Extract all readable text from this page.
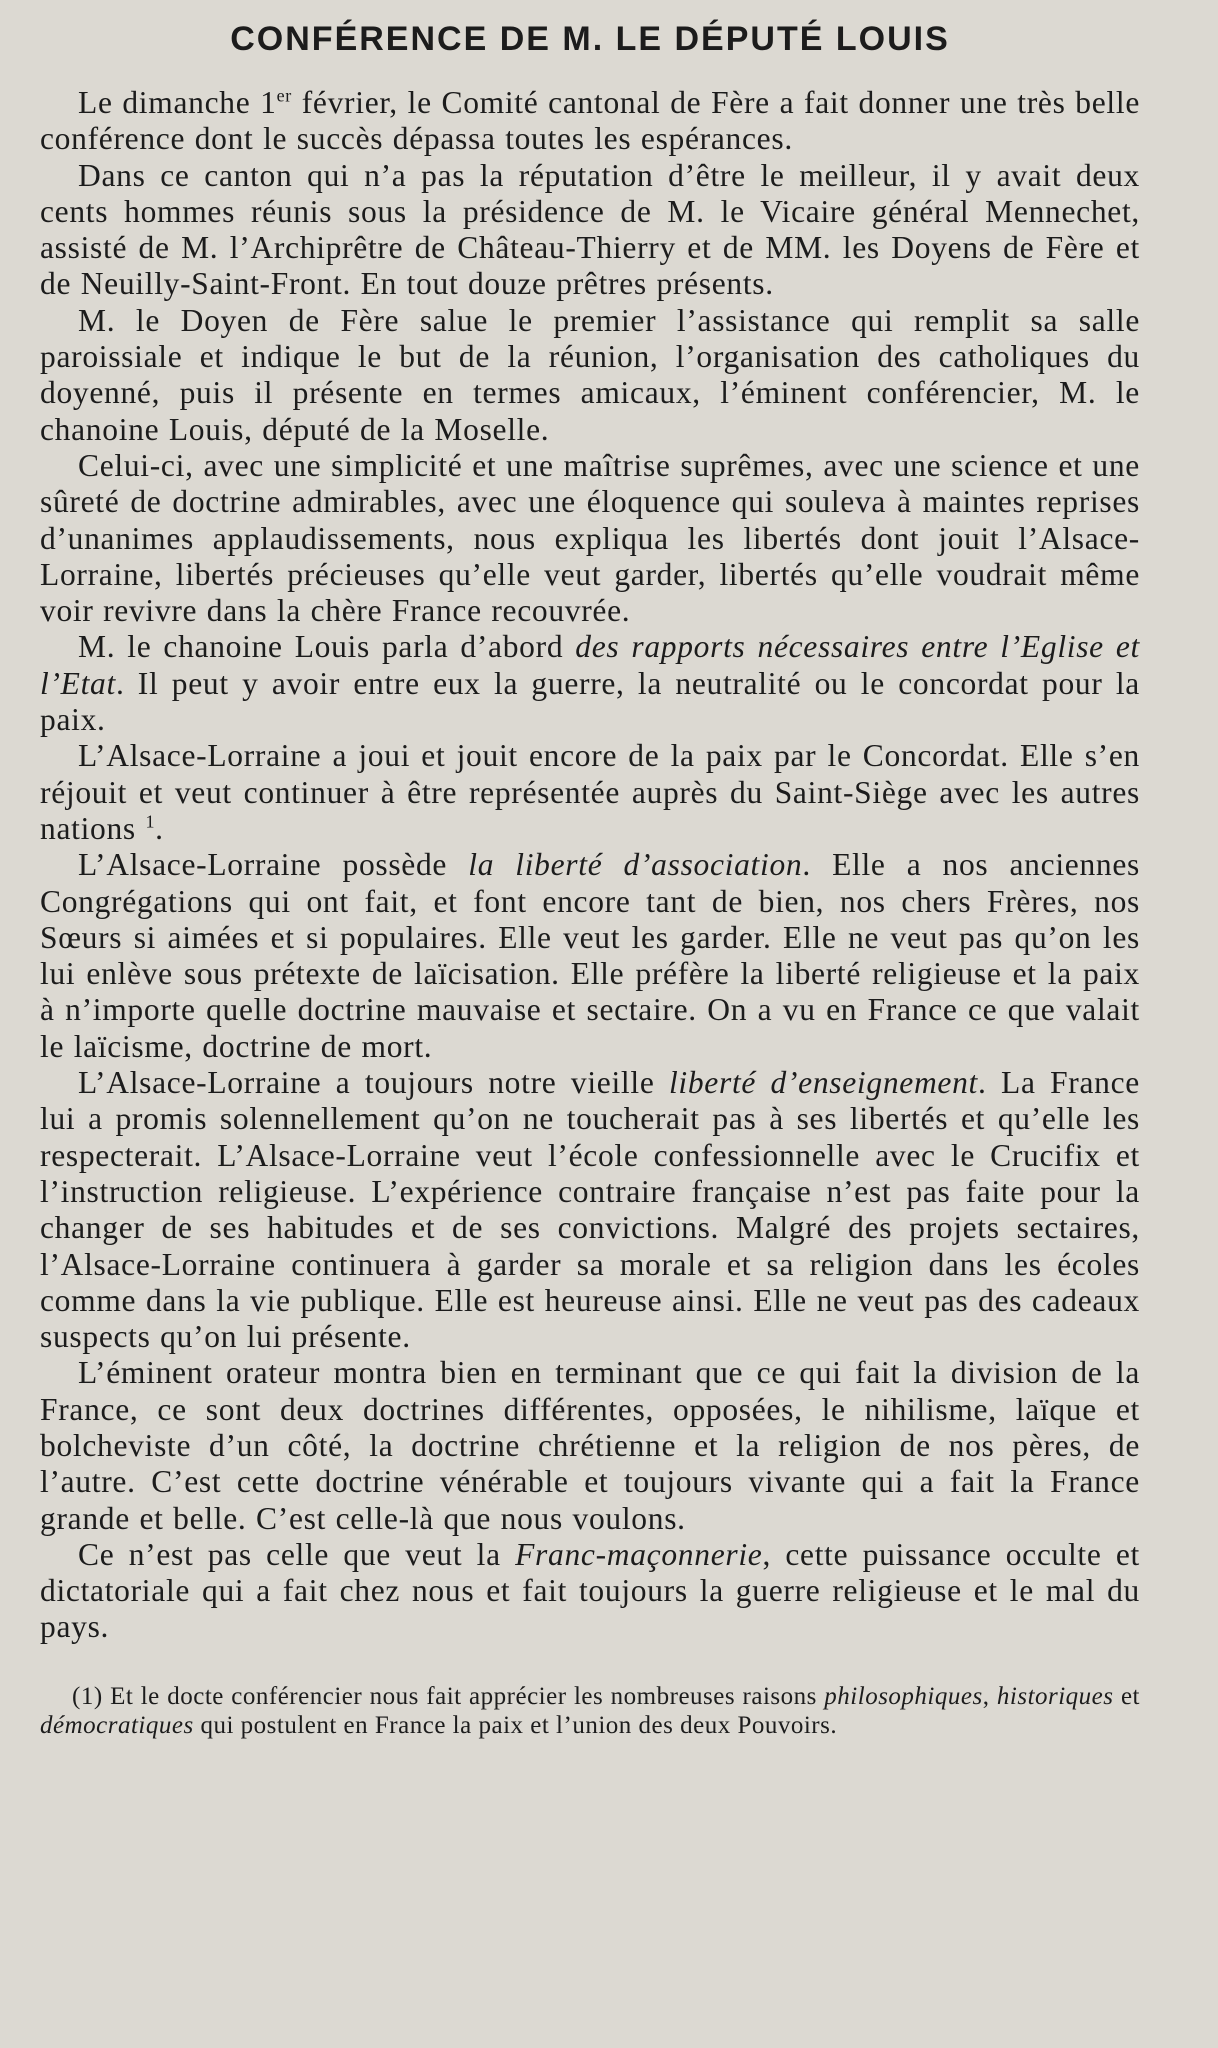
CONFÉRENCE DE M. LE DÉPUTÉ LOUIS

Le dimanche 1er février, le Comité cantonal de Fère a fait donner une très belle conférence dont le succès dépassa toutes les espérances.

Dans ce canton qui n’a pas la réputation d’être le meilleur, il y avait deux cents hommes réunis sous la présidence de M. le Vicaire général Mennechet, assisté de M. l’Archiprêtre de Château-Thierry et de MM. les Doyens de Fère et de Neuilly-Saint-Front. En tout douze prêtres présents.

M. le Doyen de Fère salue le premier l’assistance qui remplit sa salle paroissiale et indique le but de la réunion, l’organisation des catholiques du doyenné, puis il présente en termes amicaux, l’éminent conférencier, M. le chanoine Louis, député de la Moselle.

Celui-ci, avec une simplicité et une maîtrise suprêmes, avec une science et une sûreté de doctrine admirables, avec une éloquence qui souleva à maintes reprises d’unanimes applaudissements, nous expliqua les libertés dont jouit l’Alsace-Lorraine, libertés précieuses qu’elle veut garder, libertés qu’elle voudrait même voir revivre dans la chère France recouvrée.

M. le chanoine Louis parla d’abord des rapports nécessaires entre l’Eglise et l’Etat. Il peut y avoir entre eux la guerre, la neutralité ou le concordat pour la paix.

L’Alsace-Lorraine a joui et jouit encore de la paix par le Concordat. Elle s’en réjouit et veut continuer à être représentée auprès du Saint-Siège avec les autres nations $^1$.

L’Alsace-Lorraine possède la liberté d’association. Elle a nos anciennes Congrégations qui ont fait, et font encore tant de bien, nos chers Frères, nos Sœurs si aimées et si populaires. Elle veut les garder. Elle ne veut pas qu’on les lui enlève sous prétexte de laïcisation. Elle préfère la liberté religieuse et la paix à n’importe quelle doctrine mauvaise et sectaire. On a vu en France ce que valait le laïcisme, doctrine de mort.

L’Alsace-Lorraine a toujours notre vieille liberté d’enseignement. La France lui a promis solennellement qu’on ne toucherait pas à ses libertés et qu’elle les respecterait. L’Alsace-Lorraine veut l’école confessionnelle avec le Crucifix et l’instruction religieuse. L’expérience contraire française n’est pas faite pour la changer de ses habitudes et de ses convictions. Malgré des projets sectaires, l’Alsace-Lorraine continuera à garder sa morale et sa religion dans les écoles comme dans la vie publique. Elle est heureuse ainsi. Elle ne veut pas des cadeaux suspects qu’on lui présente.

L’éminent orateur montra bien en terminant que ce qui fait la division de la France, ce sont deux doctrines différentes, opposées, le nihilisme, laïque et bolcheviste d’un côté, la doctrine chrétienne et la religion de nos pères, de l’autre. C’est cette doctrine vénérable et toujours vivante qui a fait la France grande et belle. C’est celle-là que nous voulons.

Ce n’est pas celle que veut la Franc-maçonnerie, cette puissance occulte et dictatoriale qui a fait chez nous et fait toujours la guerre religieuse et le mal du pays.

(1) Et le docte conférencier nous fait apprécier les nombreuses raisons philosophiques, historiques et démocratiques qui postulent en France la paix et l’union des deux Pouvoirs.
